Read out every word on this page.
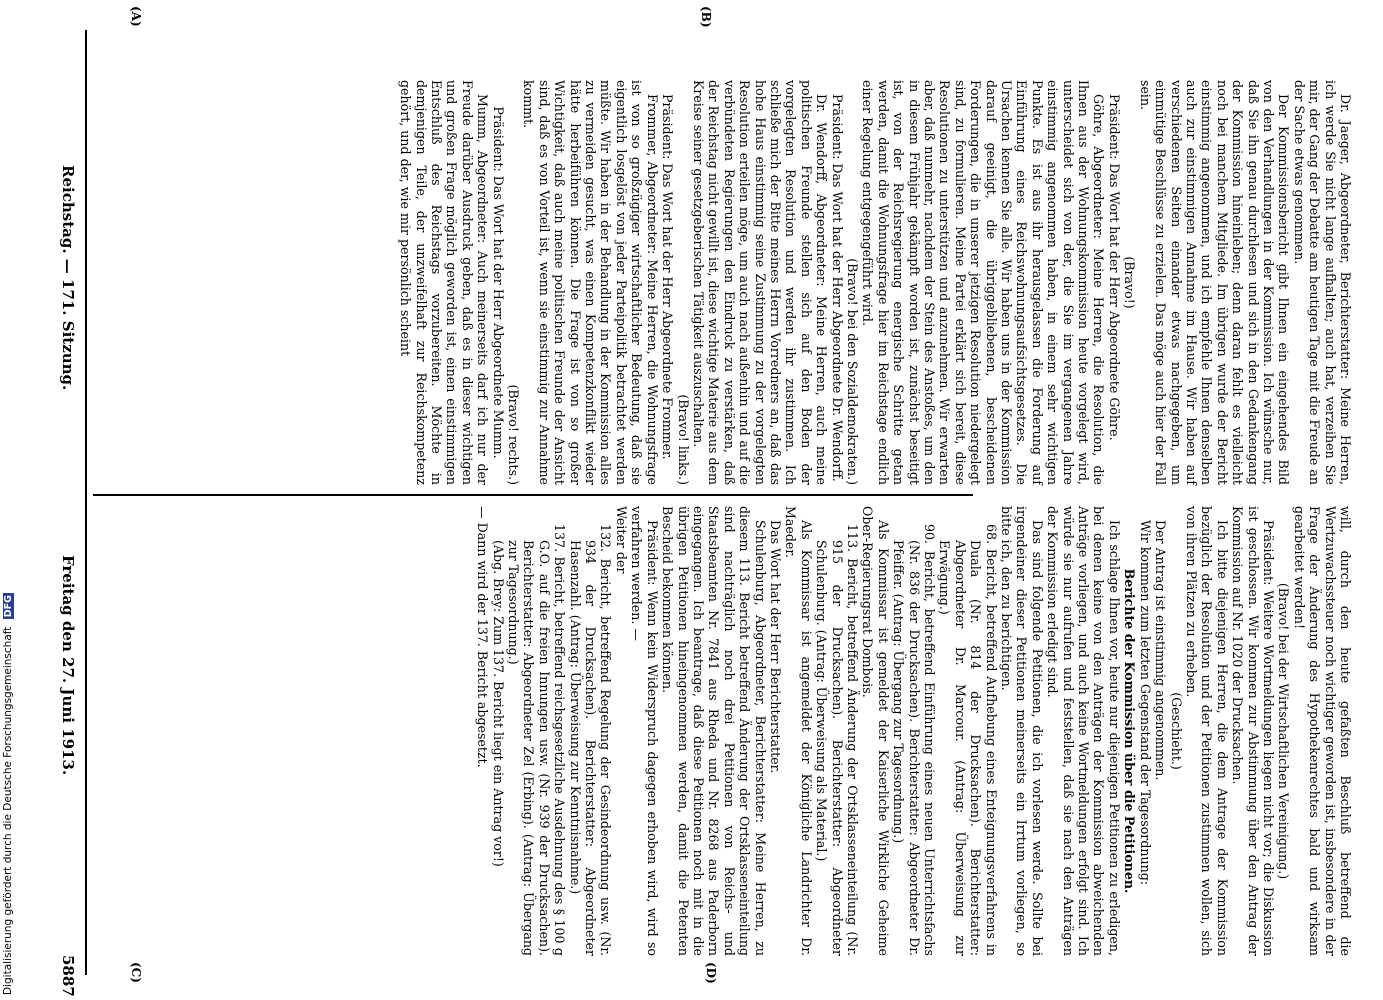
Reichstag. — 171. Sitzung.
Freitag den 27. Juni 1913.
5887
(A)	(B)
(C)	(D)

Dr. Jaeger, Abgeordneter, Berichterstatter: Meine Herren, ich werde Sie nicht lange aufhalten; auch hat, verzeihen Sie mir, der Gang der Debatte am heutigen Tage mit die Freude an der Sache etwas genommen.

Der Kommissionsbericht gibt Ihnen ein eingehendes Bild von den Verhandlungen in der Kommission. Ich wünsche nur, daß Sie ihn genau durchlesen und sich in den Gedankengang der Kommission hineinleben; denn daran fehlt es vielleicht noch bei manchem Mitgliede. Im übrigen wurde der Bericht einstimmig angenommen, und ich empfehle Ihnen denselben auch zur einstimmigen Annahme im Hause. Wir haben auf verschiedenen Seiten einander etwas nachgegeben, um einmütige Beschlüsse zu erzielen. Das möge auch hier der Fall sein.

(Bravo!)

Präsident: Das Wort hat der Herr Abgeordnete Göhre.

Göhre, Abgeordneter: Meine Herren, die Resolution, die Ihnen aus der Wohnungskommission heute vorgelegt wird, unterscheidet sich von der, die Sie im vergangenen Jahre einstimmig angenommen haben, in einem sehr wichtigen Punkte. Es ist aus ihr herausgelassen die Forderung auf Einführung eines Reichswohnungsaufsichtsgesetzes. Die Ursachen kennen Sie alle. Wir haben uns in der Kommission darauf geeinigt, die übriggebliebenen, bescheidenen Forderungen, die in unserer jetzigen Resolution niedergelegt sind, zu formulieren. Meine Partei erklärt sich bereit, diese Resolutionen zu unterstützen und anzunehmen. Wir erwarten aber, daß nunmehr, nachdem der Stein des Anstoßes, um den in diesem Frühjahr gekämpft worden ist, zunächst beseitigt ist, von der Reichsregierung energische Schritte getan werden, damit die Wohnungsfrage hier im Reichstage endlich einer Regelung entgegengeführt wird.

(Bravo! bei den Sozialdemokraten.)

Präsident: Das Wort hat der Herr Abgeordnete Dr. Wendorff.

Dr. Wendorff, Abgeordneter: Meine Herren, auch meine politischen Freunde stellen sich auf den Boden der vorgelegten Resolution und werden ihr zustimmen. Ich schließe mich der Bitte meines Herrn Vorredners an, daß das hohe Haus einstimmig seine Zustimmung zu der vorgelegten Resolution erteilen möge, um auch nach außenhin und auf die verbündeten Regierungen den Eindruck zu verstärken, daß der Reichstag nicht gewillt ist, diese wichtige Materie aus dem Kreise seiner gesetzgeberischen Tätigkeit auszuschalten.

(Bravo! links.)

Präsident: Das Wort hat der Herr Abgeordnete Frommer.

Frommer, Abgeordneter: Meine Herren, die Wohnungsfrage ist von so großzügiger wirtschaftlicher Bedeutung, daß sie eigentlich losgelöst von jeder Parteipolitik betrachtet werden müßte. Wir haben in der Behandlung in der Kommission alles zu vermeiden gesucht, was einen Kompetenzkonflikt wieder hätte herbeiführen können. Die Frage ist von so großer Wichtigkeit, daß auch meine politischen Freunde der Ansicht sind, daß es von Vorteil ist, wenn sie einstimmig zur Annahme kommt.

(Bravo! rechts.)

Präsident: Das Wort hat der Herr Abgeordnete Mumm.

Mumm, Abgeordneter: Auch meinerseits darf ich nur der Freude darüber Ausdruck geben, daß es in dieser wichtigen und großen Frage möglich geworden ist, einen einstimmigen Entschluß des Reichstags vorzubereiten. Möchte in demjenigen Teile, der unzweifelhaft zur Reichskompetenz gehört, und der, wie mir persönlich scheint

will, durch den heute gefaßten Beschluß betreffend die Wertzuwachssteuer noch wichtiger geworden ist, insbesondere in der Frage der Änderung des Hypothekenrechtes bald und wirksam gearbeitet werden!

(Bravo! bei der Wirtschaftlichen Vereinigung.)

Präsident: Weitere Wortmeldungen liegen nicht vor; die Diskussion ist geschlossen. Wir kommen zur Abstimmung über den Antrag der Kommission auf Nr. 1020 der Drucksachen.

Ich bitte diejenigen Herren, die dem Antrage der Kommission bezüglich der Resolution und der Petitionen zustimmen wollen, sich von ihren Plätzen zu erheben.

(Geschieht.)

Der Antrag ist einstimmig angenommen.

Wir kommen zum letzten Gegenstand der Tagesordnung:

Berichte der Kommission über die Petitionen.

Ich schlage Ihnen vor, heute nur diejenigen Petitionen zu erledigen, bei denen keine von den Anträgen der Kommission abweichenden Anträge vorliegen, und auch keine Wortmeldungen erfolgt sind. Ich würde sie nur aufrufen und feststellen, daß sie nach den Anträgen der Kommission erledigt sind.

Das sind folgende Petitionen, die ich vorlesen werde. Sollte bei irgendeiner dieser Petitionen meinerseits ein Irrtum vorliegen, so bitte ich, den zu berichtigen.

68. Bericht, betreffend Aufhebung eines Enteignungsverfahrens in Duala (Nr. 814 der Drucksachen). Berichterstatter: Abgeordneter Dr. Marcour. (Antrag: Überweisung zur Erwägung.)

90. Bericht, betreffend Einführung eines neuen Unterrichtsfachs (Nr. 836 der Drucksachen). Berichterstatter: Abgeordneter Dr. Pfeiffer. (Antrag: Übergang zur Tagesordnung.)

Als Kommissar ist gemeldet der Kaiserliche Wirkliche Geheime Ober-Regierungsrat Dombois.

113. Bericht, betreffend Änderung der Ortsklasseneinteilung (Nr. 915 der Drucksachen). Berichterstatter: Abgeordneter Schulenburg. (Antrag: Überweisung als Material.)

Als Kommissar ist angemeldet der Königliche Landrichter Dr. Maeder.

Das Wort hat der Herr Berichterstatter.

Schulenburg, Abgeordneter, Berichterstatter: Meine Herren, zu diesem 113. Bericht betreffend Änderung der Ortsklasseneinteilung sind nachträglich noch drei Petitionen von Reichs- und Staatsbeamten Nr. 7841 aus Rheda und Nr. 8268 aus Paderborn eingegangen. Ich beantrage, daß diese Petitionen noch mit in die übrigen Petitionen hineingenommen werden, damit die Petenten Bescheid bekommen können.

Präsident: Wenn kein Widerspruch dagegen erhoben wird, wird so verfahren werden. —

Weiter der

132. Bericht, betreffend Regelung der Gesindeordnung usw. (Nr. 934 der Drucksachen). Berichterstatter: Abgeordneter Hasenzahl. (Antrag: Überweisung zur Kenntnisnahme.)

137. Bericht, betreffend reichsgesetzliche Ausdehnung des § 100 g G.O. auf die freien Innungen usw. (Nr. 939 der Drucksachen). Berichterstatter: Abgeordneter Zel (Erbing). (Antrag: Übergang zur Tagesordnung.)

(Abg. Brey: Zum 137. Bericht liegt ein Antrag vor!)

— Dann wird der 137. Bericht abgesetzt.

Digitalisierung gefördert durch die Deutsche Forschungsgemeinschaft DFG
